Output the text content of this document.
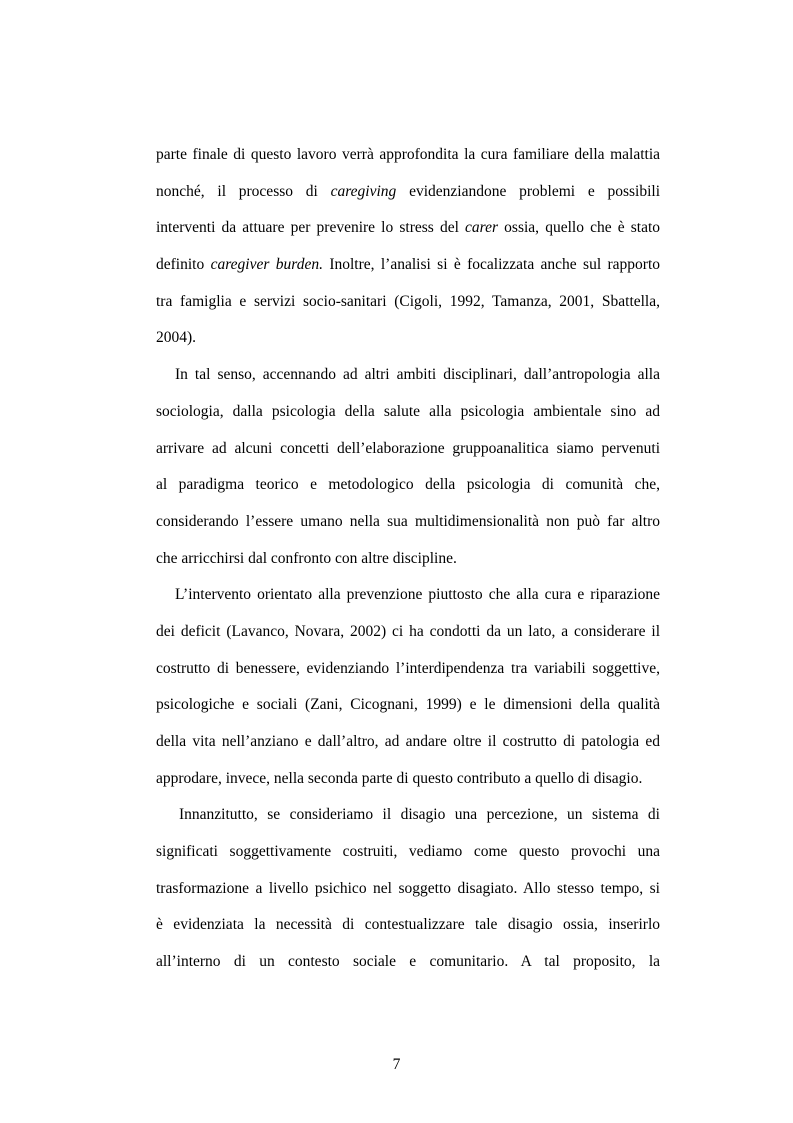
parte finale di questo lavoro verrà approfondita la cura familiare della malattia
nonché, il processo di caregiving evidenziandone problemi e possibili
interventi da attuare per prevenire lo stress del carer ossia, quello che è stato
definito caregiver burden. Inoltre, l’analisi si è focalizzata anche sul rapporto
tra famiglia e servizi socio-sanitari (Cigoli, 1992, Tamanza, 2001, Sbattella,
2004).
In tal senso, accennando ad altri ambiti disciplinari, dall’antropologia alla
sociologia, dalla psicologia della salute alla psicologia ambientale sino ad
arrivare ad alcuni concetti dell’elaborazione gruppoanalitica siamo pervenuti
al paradigma teorico e metodologico della psicologia di comunità che,
considerando l’essere umano nella sua multidimensionalità non può far altro
che arricchirsi dal confronto con altre discipline.
L’intervento orientato alla prevenzione piuttosto che alla cura e riparazione
dei deficit (Lavanco, Novara, 2002) ci ha condotti da un lato, a considerare il
costrutto di benessere, evidenziando l’interdipendenza tra variabili soggettive,
psicologiche e sociali (Zani, Cicognani, 1999) e le dimensioni della qualità
della vita nell’anziano e dall’altro, ad andare oltre il costrutto di patologia ed
approdare, invece, nella seconda parte di questo contributo a quello di disagio.
Innanzitutto, se consideriamo il disagio una percezione, un sistema di
significati soggettivamente costruiti, vediamo come questo provochi una
trasformazione a livello psichico nel soggetto disagiato. Allo stesso tempo, si
è evidenziata la necessità di contestualizzare tale disagio ossia, inserirlo
all’interno di un contesto sociale e comunitario. A tal proposito, la
7
